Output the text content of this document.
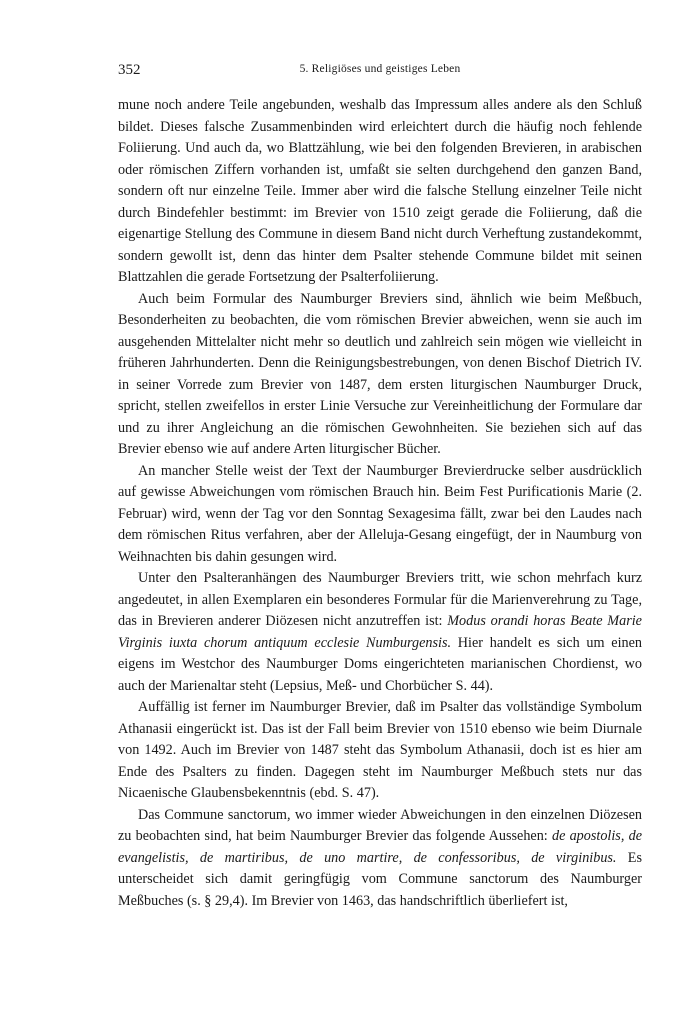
352	5. Religiöses und geistiges Leben

mune noch andere Teile angebunden, weshalb das Impressum alles andere als den Schluß bildet. Dieses falsche Zusammenbinden wird erleichtert durch die häufig noch fehlende Foliierung. Und auch da, wo Blattzählung, wie bei den folgenden Brevieren, in arabischen oder römischen Ziffern vorhanden ist, umfaßt sie selten durchgehend den ganzen Band, sondern oft nur einzelne Teile. Immer aber wird die falsche Stellung einzelner Teile nicht durch Bindefehler bestimmt: im Brevier von 1510 zeigt gerade die Foliierung, daß die eigenartige Stellung des Commune in diesem Band nicht durch Verheftung zustandekommt, sondern gewollt ist, denn das hinter dem Psalter stehende Commune bildet mit seinen Blattzahlen die gerade Fortsetzung der Psalterfoliierung.

Auch beim Formular des Naumburger Breviers sind, ähnlich wie beim Meßbuch, Besonderheiten zu beobachten, die vom römischen Brevier abweichen, wenn sie auch im ausgehenden Mittelalter nicht mehr so deutlich und zahlreich sein mögen wie vielleicht in früheren Jahrhunderten. Denn die Reinigungsbestrebungen, von denen Bischof Dietrich IV. in seiner Vorrede zum Brevier von 1487, dem ersten liturgischen Naumburger Druck, spricht, stellen zweifellos in erster Linie Versuche zur Vereinheitlichung der Formulare dar und zu ihrer Angleichung an die römischen Gewohnheiten. Sie beziehen sich auf das Brevier ebenso wie auf andere Arten liturgischer Bücher.

An mancher Stelle weist der Text der Naumburger Brevierdrucke selber ausdrücklich auf gewisse Abweichungen vom römischen Brauch hin. Beim Fest Purificationis Marie (2. Februar) wird, wenn der Tag vor den Sonntag Sexagesima fällt, zwar bei den Laudes nach dem römischen Ritus verfahren, aber der Alleluja-Gesang eingefügt, der in Naumburg von Weihnachten bis dahin gesungen wird.

Unter den Psalteranhängen des Naumburger Breviers tritt, wie schon mehrfach kurz angedeutet, in allen Exemplaren ein besonderes Formular für die Marienverehrung zu Tage, das in Brevieren anderer Diözesen nicht anzutreffen ist: Modus orandi horas Beate Marie Virginis iuxta chorum antiquum ecclesie Numburgensis. Hier handelt es sich um einen eigens im Westchor des Naumburger Doms eingerichteten marianischen Chordienst, wo auch der Marienaltar steht (Lepsius, Meß- und Chorbücher S. 44).

Auffällig ist ferner im Naumburger Brevier, daß im Psalter das vollständige Symbolum Athanasii eingerückt ist. Das ist der Fall beim Brevier von 1510 ebenso wie beim Diurnale von 1492. Auch im Brevier von 1487 steht das Symbolum Athanasii, doch ist es hier am Ende des Psalters zu finden. Dagegen steht im Naumburger Meßbuch stets nur das Nicaenische Glaubensbekenntnis (ebd. S. 47).

Das Commune sanctorum, wo immer wieder Abweichungen in den einzelnen Diözesen zu beobachten sind, hat beim Naumburger Brevier das folgende Aussehen: de apostolis, de evangelistis, de martiribus, de uno martire, de confessoribus, de virginibus. Es unterscheidet sich damit geringfügig vom Commune sanctorum des Naumburger Meßbuches (s. § 29,4). Im Brevier von 1463, das handschriftlich überliefert ist,
